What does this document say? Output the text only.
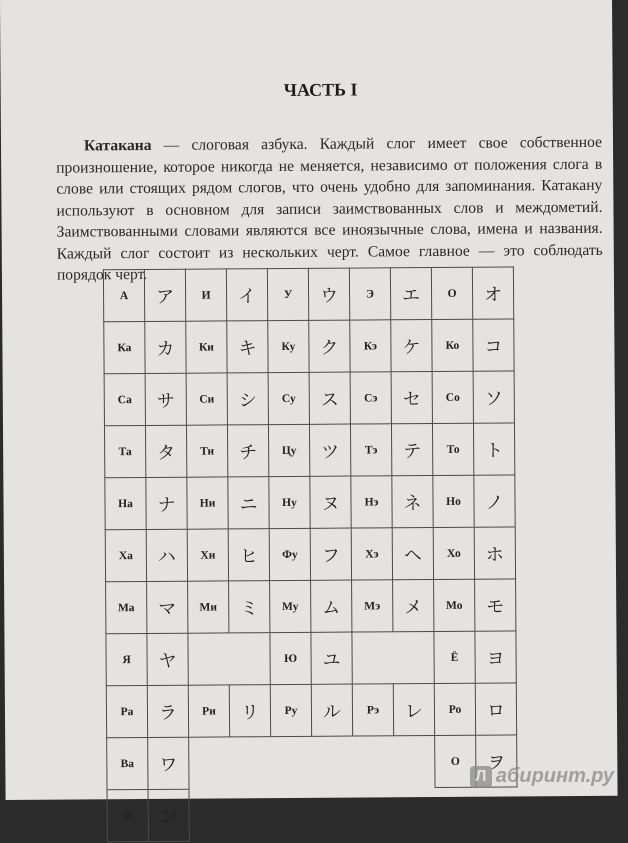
ЧАСТЬ I
Катакана — слоговая азбука. Каждый слог имеет свое собственное произношение, которое никогда не меняется, независимо от положения слога в слове или стоящих рядом слогов, что очень удобно для запоминания. Катакану используют в основном для записи заимствованных слов и междометий. Заимствованными словами являются все иноязычные слова, имена и названия. Каждый слог состоит из нескольких черт. Самое главное — это соблюдать порядок черт.
А	ア	И	イ	У	ウ	Э	エ	О	オ
Ка	カ	Ки	キ	Ку	ク	Кэ	ケ	Ко	コ
Са	サ	Си	シ	Су	ス	Сэ	セ	Со	ソ
Та	タ	Ти	チ	Цу	ツ	Тэ	テ	То	ト
На	ナ	Ни	ニ	Ну	ヌ	Нэ	ネ	Но	ノ
Ха	ハ	Хи	ヒ	Фу	フ	Хэ	ヘ	Хо	ホ
Ма	マ	Ми	ミ	Му	ム	Мэ	メ	Мо	モ
Я	ヤ			Ю	ユ			Ё	ヨ
Ра	ラ	Ри	リ	Ру	ル	Рэ	レ	Ро	ロ
Ва	ワ							О	ヲ
Н	ン									Л абиринт.ру
